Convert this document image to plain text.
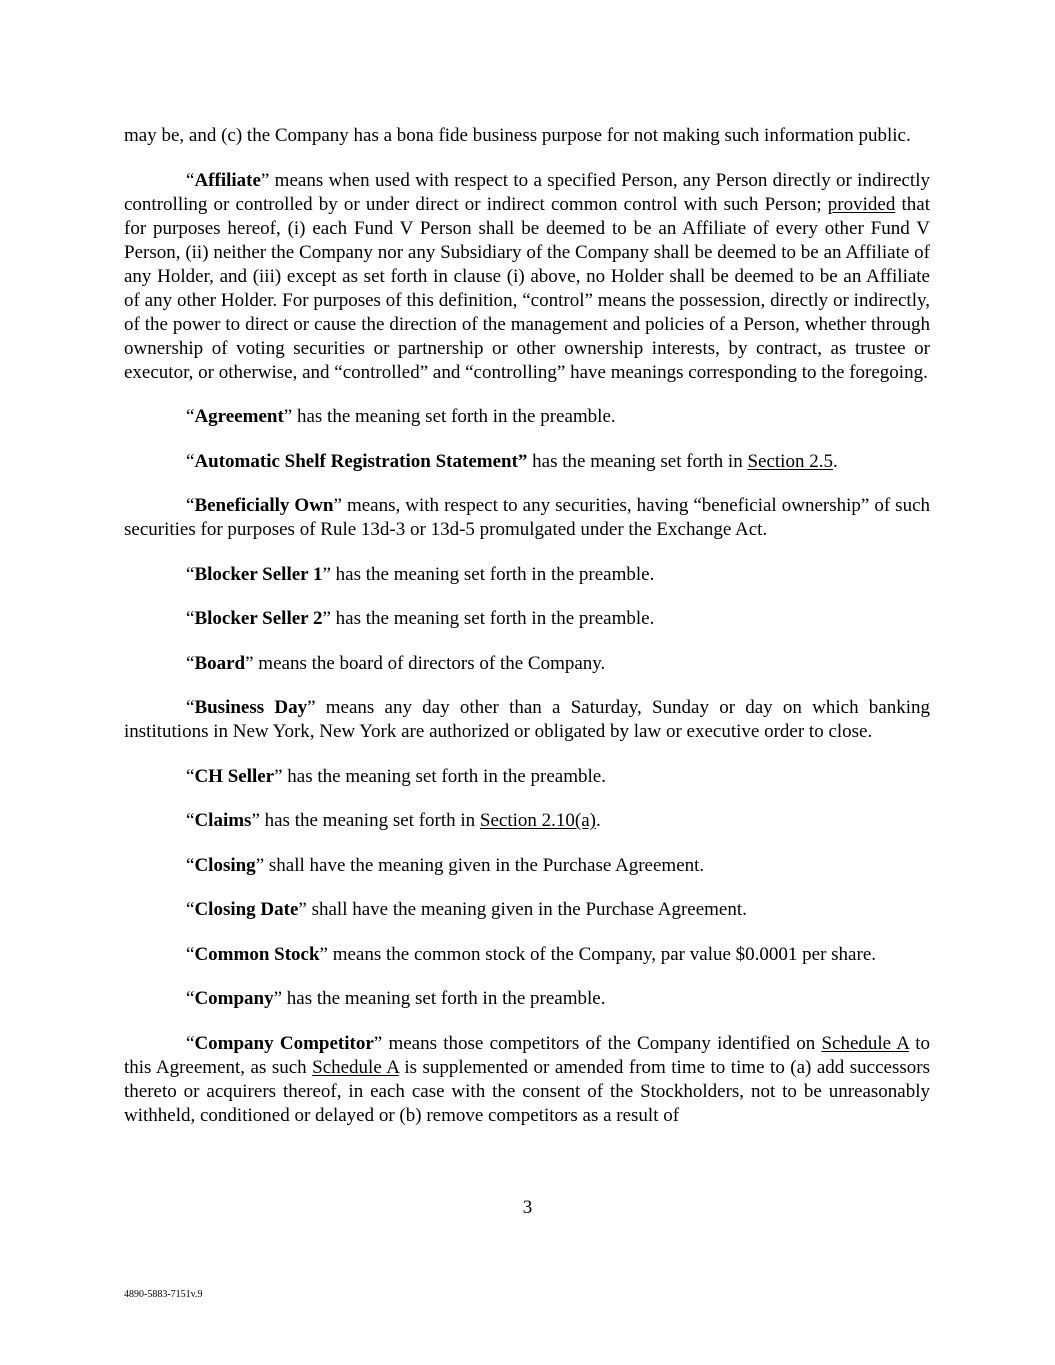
may be, and (c) the Company has a bona fide business purpose for not making such information public.

“Affiliate” means when used with respect to a specified Person, any Person directly or indirectly controlling or controlled by or under direct or indirect common control with such Person; provided that for purposes hereof, (i) each Fund V Person shall be deemed to be an Affiliate of every other Fund V Person, (ii) neither the Company nor any Subsidiary of the Company shall be deemed to be an Affiliate of any Holder, and (iii) except as set forth in clause (i) above, no Holder shall be deemed to be an Affiliate of any other Holder. For purposes of this definition, “control” means the possession, directly or indirectly, of the power to direct or cause the direction of the management and policies of a Person, whether through ownership of voting securities or partnership or other ownership interests, by contract, as trustee or executor, or otherwise, and “controlled” and “controlling” have meanings corresponding to the foregoing.

“Agreement” has the meaning set forth in the preamble.

“Automatic Shelf Registration Statement” has the meaning set forth in Section 2.5.

“Beneficially Own” means, with respect to any securities, having “beneficial ownership” of such securities for purposes of Rule 13d-3 or 13d-5 promulgated under the Exchange Act.

“Blocker Seller 1” has the meaning set forth in the preamble.

“Blocker Seller 2” has the meaning set forth in the preamble.

“Board” means the board of directors of the Company.

“Business Day” means any day other than a Saturday, Sunday or day on which banking institutions in New York, New York are authorized or obligated by law or executive order to close.

“CH Seller” has the meaning set forth in the preamble.

“Claims” has the meaning set forth in Section 2.10(a).

“Closing” shall have the meaning given in the Purchase Agreement.

“Closing Date” shall have the meaning given in the Purchase Agreement.

“Common Stock” means the common stock of the Company, par value $0.0001 per share.

“Company” has the meaning set forth in the preamble.

“Company Competitor” means those competitors of the Company identified on Schedule A to this Agreement, as such Schedule A is supplemented or amended from time to time to (a) add successors thereto or acquirers thereof, in each case with the consent of the Stockholders, not to be unreasonably withheld, conditioned or delayed or (b) remove competitors as a result of

3
4890-5883-7151v.9
